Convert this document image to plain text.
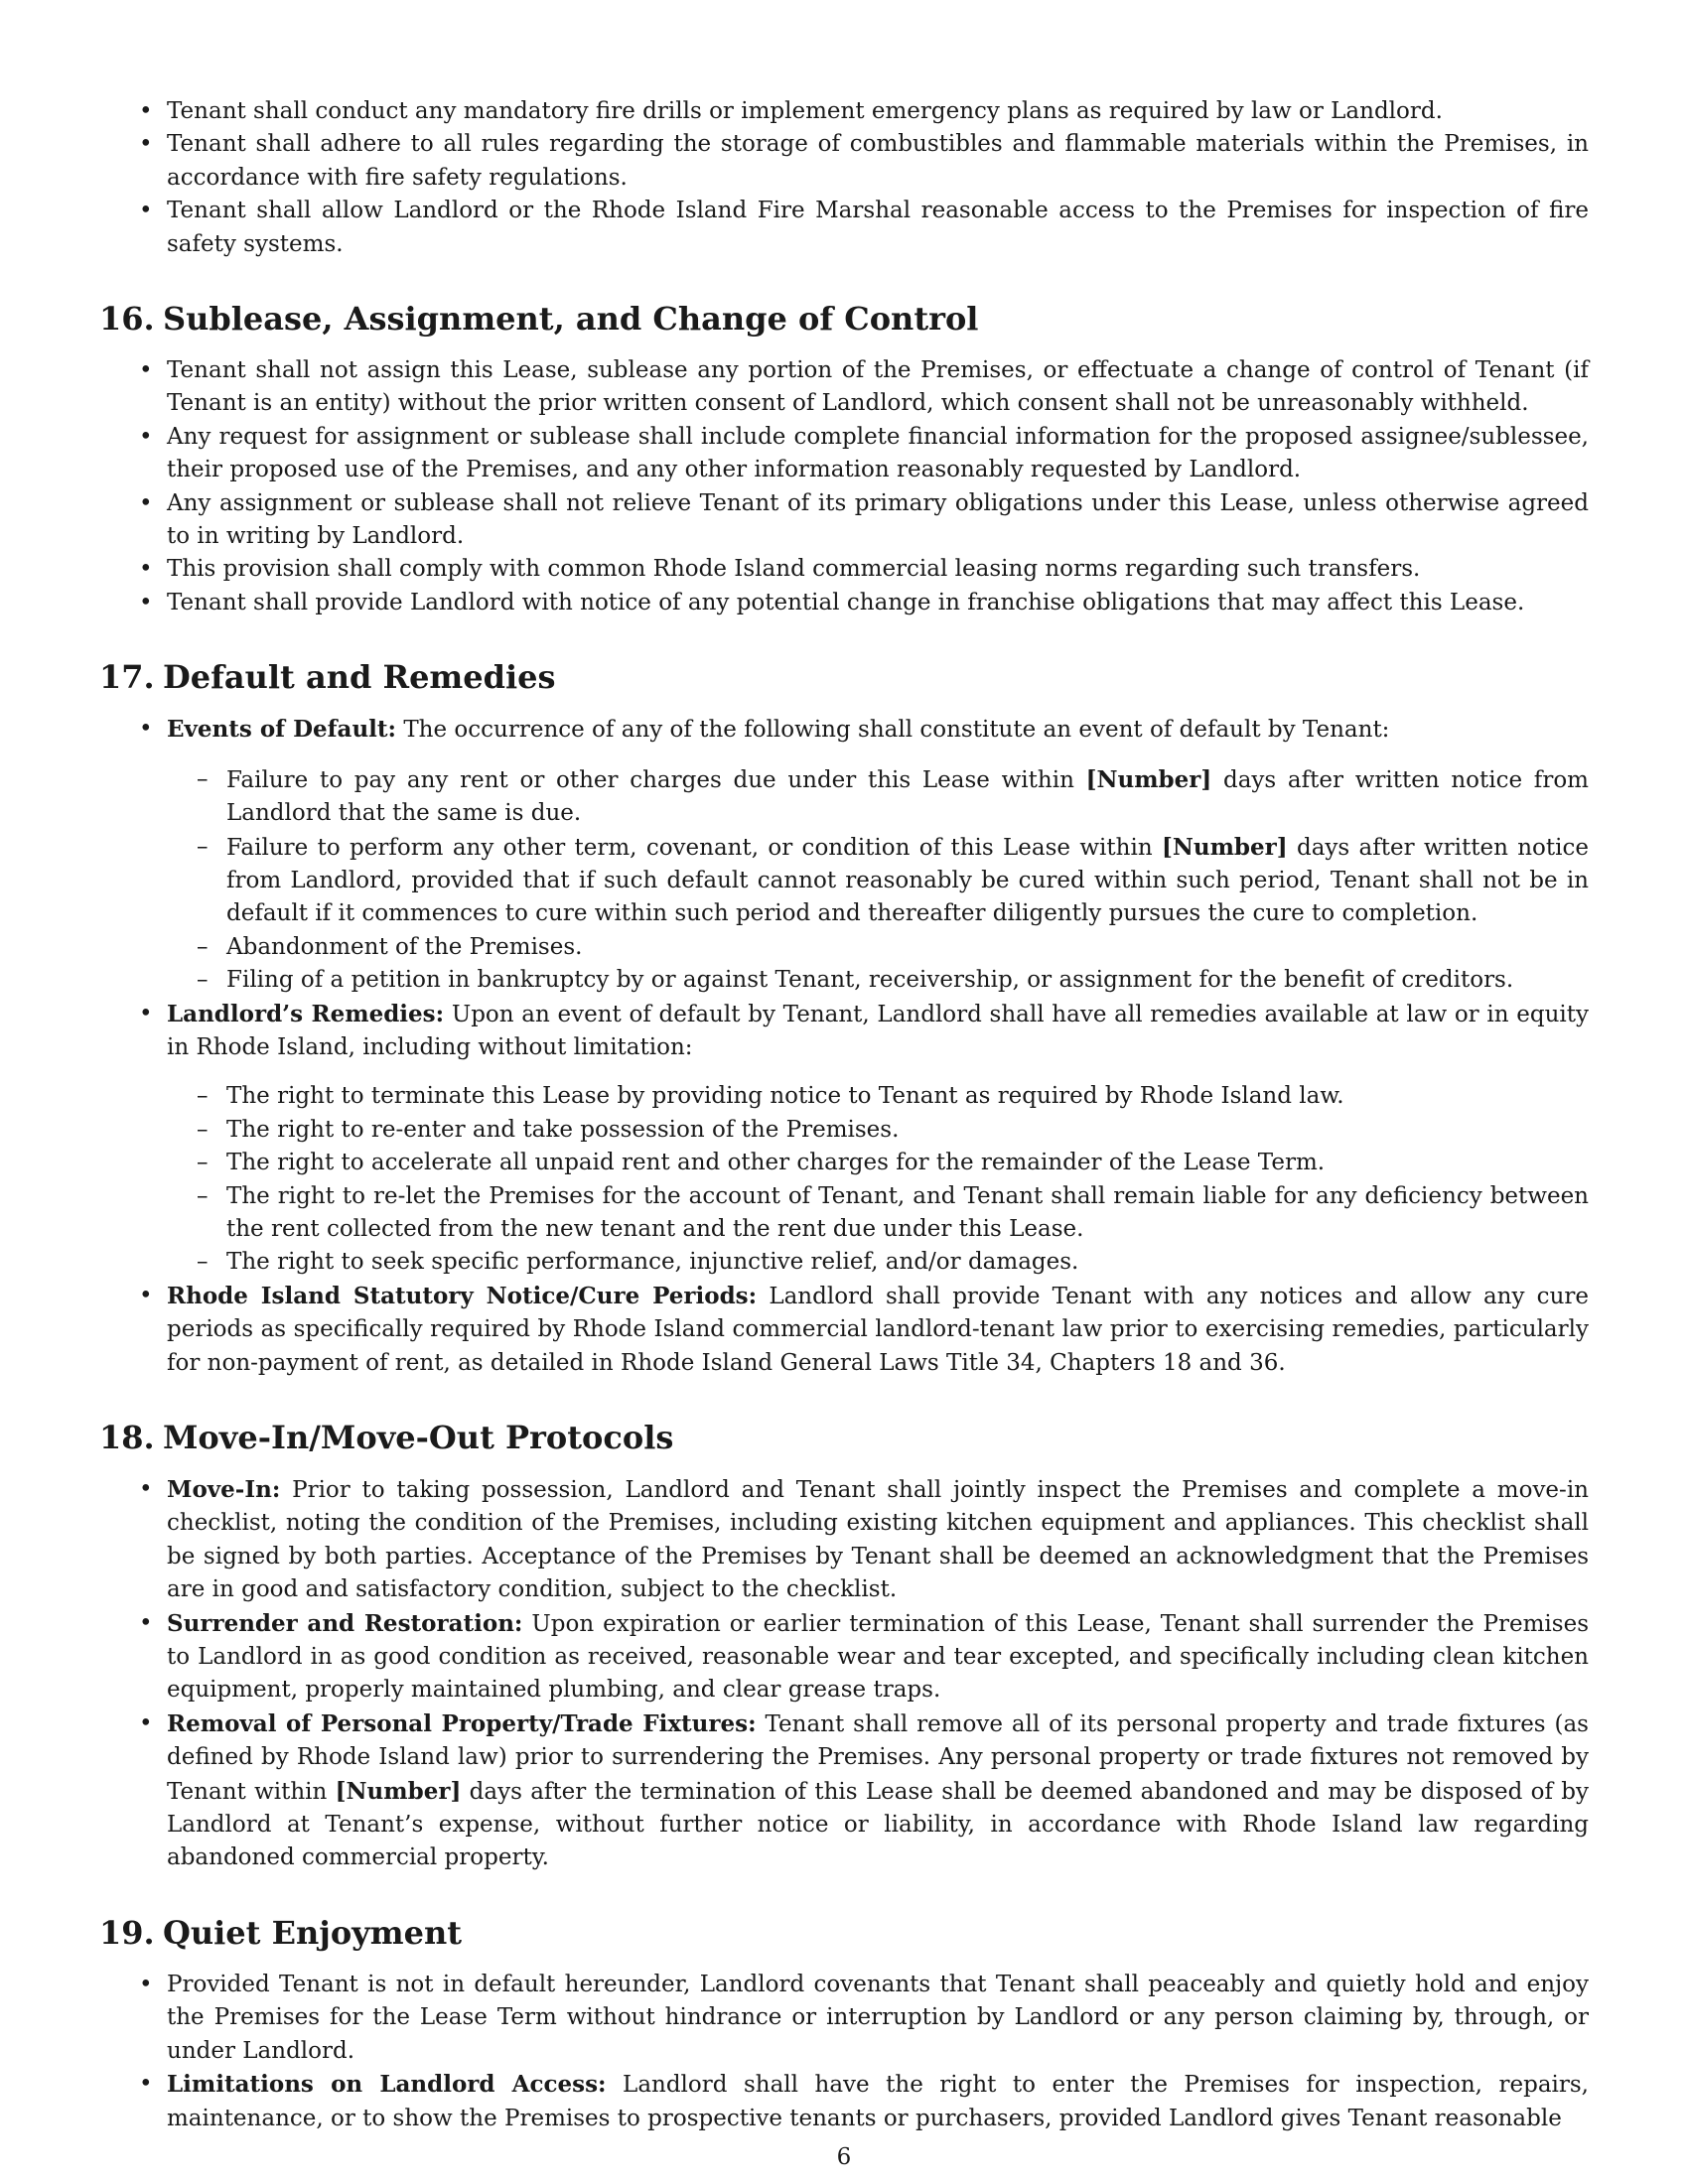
• Tenant shall conduct any mandatory fire drills or implement emergency plans as required by law or Landlord.
• Tenant shall adhere to all rules regarding the storage of combustibles and flammable materials within the Premises, in accordance with fire safety regulations.
• Tenant shall allow Landlord or the Rhode Island Fire Marshal reasonable access to the Premises for inspection of fire safety systems.
16. Sublease, Assignment, and Change of Control
• Tenant shall not assign this Lease, sublease any portion of the Premises, or effectuate a change of control of Tenant (if Tenant is an entity) without the prior written consent of Landlord, which consent shall not be unreasonably withheld.
• Any request for assignment or sublease shall include complete financial information for the proposed assignee/sublessee, their proposed use of the Premises, and any other information reasonably requested by Landlord.
• Any assignment or sublease shall not relieve Tenant of its primary obligations under this Lease, unless otherwise agreed to in writing by Landlord.
• This provision shall comply with common Rhode Island commercial leasing norms regarding such transfers.
• Tenant shall provide Landlord with notice of any potential change in franchise obligations that may affect this Lease.
17. Default and Remedies
• Events of Default: The occurrence of any of the following shall constitute an event of default by Tenant:
– Failure to pay any rent or other charges due under this Lease within [Number] days after written notice from Landlord that the same is due.
– Failure to perform any other term, covenant, or condition of this Lease within [Number] days after written notice from Landlord, provided that if such default cannot reasonably be cured within such period, Tenant shall not be in default if it commences to cure within such period and thereafter diligently pursues the cure to completion.
– Abandonment of the Premises.
– Filing of a petition in bankruptcy by or against Tenant, receivership, or assignment for the benefit of creditors.
• Landlord’s Remedies: Upon an event of default by Tenant, Landlord shall have all remedies available at law or in equity in Rhode Island, including without limitation:
– The right to terminate this Lease by providing notice to Tenant as required by Rhode Island law.
– The right to re-enter and take possession of the Premises.
– The right to accelerate all unpaid rent and other charges for the remainder of the Lease Term.
– The right to re-let the Premises for the account of Tenant, and Tenant shall remain liable for any deficiency between the rent collected from the new tenant and the rent due under this Lease.
– The right to seek specific performance, injunctive relief, and/or damages.
• Rhode Island Statutory Notice/Cure Periods: Landlord shall provide Tenant with any notices and allow any cure periods as specifically required by Rhode Island commercial landlord-tenant law prior to exercising remedies, particularly for non-payment of rent, as detailed in Rhode Island General Laws Title 34, Chapters 18 and 36.
18. Move-In/Move-Out Protocols
• Move-In: Prior to taking possession, Landlord and Tenant shall jointly inspect the Premises and complete a move-in checklist, noting the condition of the Premises, including existing kitchen equipment and appliances. This checklist shall be signed by both parties. Acceptance of the Premises by Tenant shall be deemed an acknowledgment that the Premises are in good and satisfactory condition, subject to the checklist.
• Surrender and Restoration: Upon expiration or earlier termination of this Lease, Tenant shall surrender the Premises to Landlord in as good condition as received, reasonable wear and tear excepted, and specifically including clean kitchen equipment, properly maintained plumbing, and clear grease traps.
• Removal of Personal Property/Trade Fixtures: Tenant shall remove all of its personal property and trade fixtures (as defined by Rhode Island law) prior to surrendering the Premises. Any personal property or trade fixtures not removed by Tenant within [Number] days after the termination of this Lease shall be deemed abandoned and may be disposed of by Landlord at Tenant’s expense, without further notice or liability, in accordance with Rhode Island law regarding abandoned commercial property.
19. Quiet Enjoyment
• Provided Tenant is not in default hereunder, Landlord covenants that Tenant shall peaceably and quietly hold and enjoy the Premises for the Lease Term without hindrance or interruption by Landlord or any person claiming by, through, or under Landlord.
• Limitations on Landlord Access: Landlord shall have the right to enter the Premises for inspection, repairs, maintenance, or to show the Premises to prospective tenants or purchasers, provided Landlord gives Tenant reasonable
6
